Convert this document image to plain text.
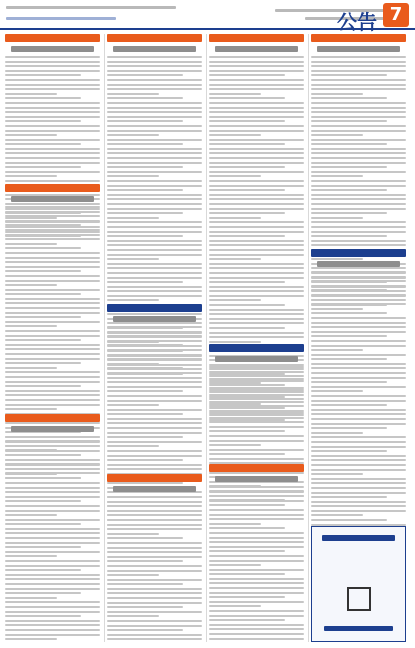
公告 7
